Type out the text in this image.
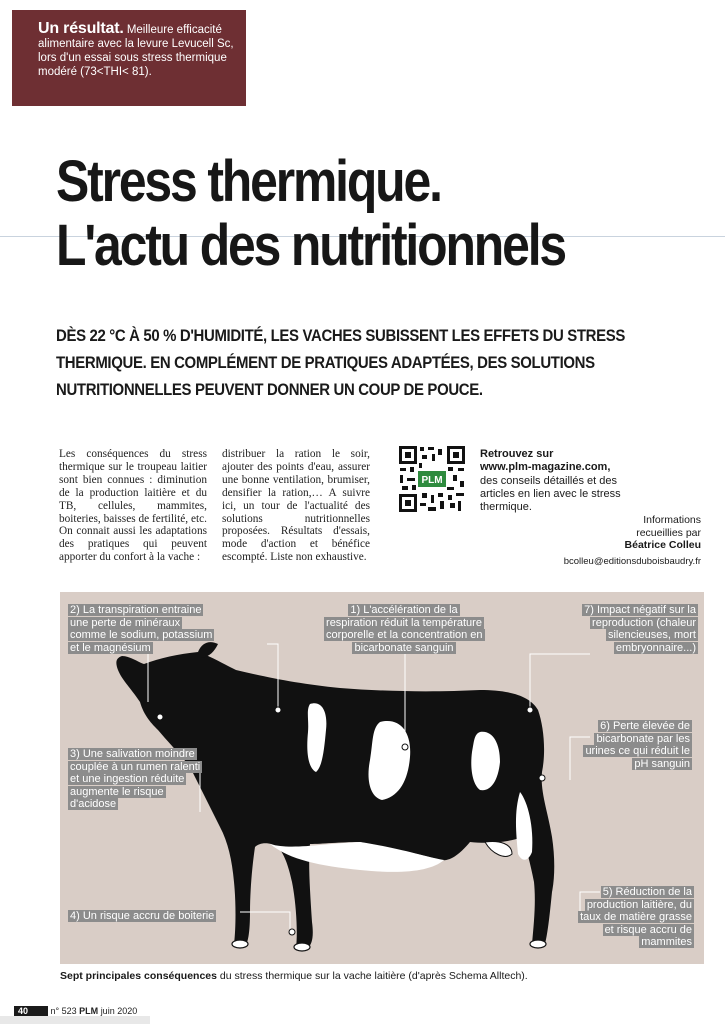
Un résultat. Meilleure efficacité alimentaire avec la levure Levucell Sc, lors d'un essai sous stress thermique modéré (73<THI< 81).
Stress thermique.
L'actu des nutritionnels
DÈS 22 °C À 50 % D'HUMIDITÉ, LES VACHES SUBISSENT LES EFFETS DU STRESS THERMIQUE. EN COMPLÉMENT DE PRATIQUES ADAPTÉES, DES SOLUTIONS NUTRITIONNELLES PEUVENT DONNER UN COUP DE POUCE.
Les conséquences du stress thermique sur le troupeau laitier sont bien connues : diminution de la production laitière et du TB, cellules, mammites, boiteries, baisses de fertilité, etc. On connait aussi les adaptations des pratiques qui peuvent apporter du confort à la vache :
distribuer la ration le soir, ajouter des points d'eau, assurer une bonne ventilation, brumiser, densifier la ration,… A suivre ici, un tour de l'actualité des solutions nutritionnelles proposées. Résultats d'essais, mode d'action et bénéfice escompté. Liste non exhaustive.
PLM
Retrouvez sur
www.plm-magazine.com,
des conseils détaillés et des articles en lien avec le stress thermique.
Informations
recueillies par
Béatrice Colleu
bcolleu@editionsduboisbaudry.fr
2) La transpiration entraine une perte de minéraux comme le sodium, potassium et le magnésium
1) L'accélération de la respiration réduit la température corporelle et la concentration en bicarbonate sanguin
7) Impact négatif sur la reproduction (chaleur silencieuses, mort embryonnaire...)
3) Une salivation moindre couplée à un rumen ralenti et une ingestion réduite augmente le risque d'acidose
6) Perte élevée de bicarbonate par les urines ce qui réduit le pH sanguin
4) Un risque accru de boiterie
5) Réduction de la production laitière, du taux de matière grasse et risque accru de mammites
Sept principales conséquences du stress thermique sur la vache laitière (d'après Schema Alltech).
40	n° 523 PLM juin 2020
